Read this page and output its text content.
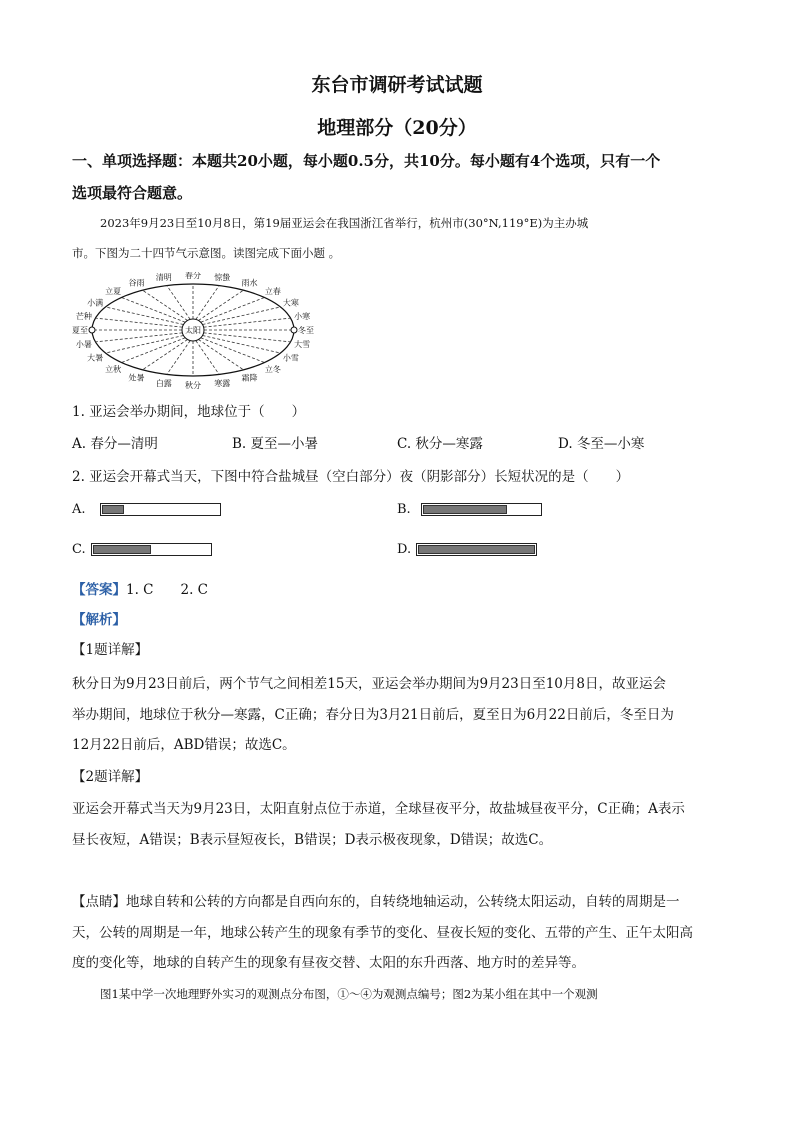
东台市调研考试试题
地理部分（20分）
一、单项选择题：本题共20小题，每小题0.5分，共10分。每小题有4个选项，只有一个
选项最符合题意。
2023年9月23日至10月8日，第19届亚运会在我国浙江省举行，杭州市(30°N,119°E)为主办城
市。下图为二十四节气示意图。读图完成下面小题 。
太阳
春分 惊蛰
雨水
立春
大寒
小寒
冬至
大雪
小雪
立冬
霜降
寒露
秋分
白露
处暑
立秋
大暑
小暑
夏至
芒种
小满
立夏
谷雨
清明
1. 亚运会举办期间，地球位于（　　）
A. 春分—清明	B. 夏至—小暑	C. 秋分—寒露	D. 冬至—小寒
2. 亚运会开幕式当天，下图中符合盐城昼（空白部分）夜（阴影部分）长短状况的是（　　）
A.	B.
C.	D.
【答案】1. C　　2. C
【解析】
【1题详解】
秋分日为9月23日前后，两个节气之间相差15天，亚运会举办期间为9月23日至10月8日，故亚运会
举办期间，地球位于秋分—寒露，C正确；春分日为3月21日前后，夏至日为6月22日前后，冬至日为
12月22日前后，ABD错误；故选C。
【2题详解】
亚运会开幕式当天为9月23日，太阳直射点位于赤道，全球昼夜平分，故盐城昼夜平分，C正确；A表示
昼长夜短，A错误；B表示昼短夜长，B错误；D表示极夜现象，D错误；故选C。
【点睛】地球自转和公转的方向都是自西向东的，自转绕地轴运动，公转绕太阳运动，自转的周期是一
天，公转的周期是一年，地球公转产生的现象有季节的变化、昼夜长短的变化、五带的产生、正午太阳高
度的变化等，地球的自转产生的现象有昼夜交替、太阳的东升西落、地方时的差异等。
图1某中学一次地理野外实习的观测点分布图，①～④为观测点编号；图2为某小组在其中一个观测
